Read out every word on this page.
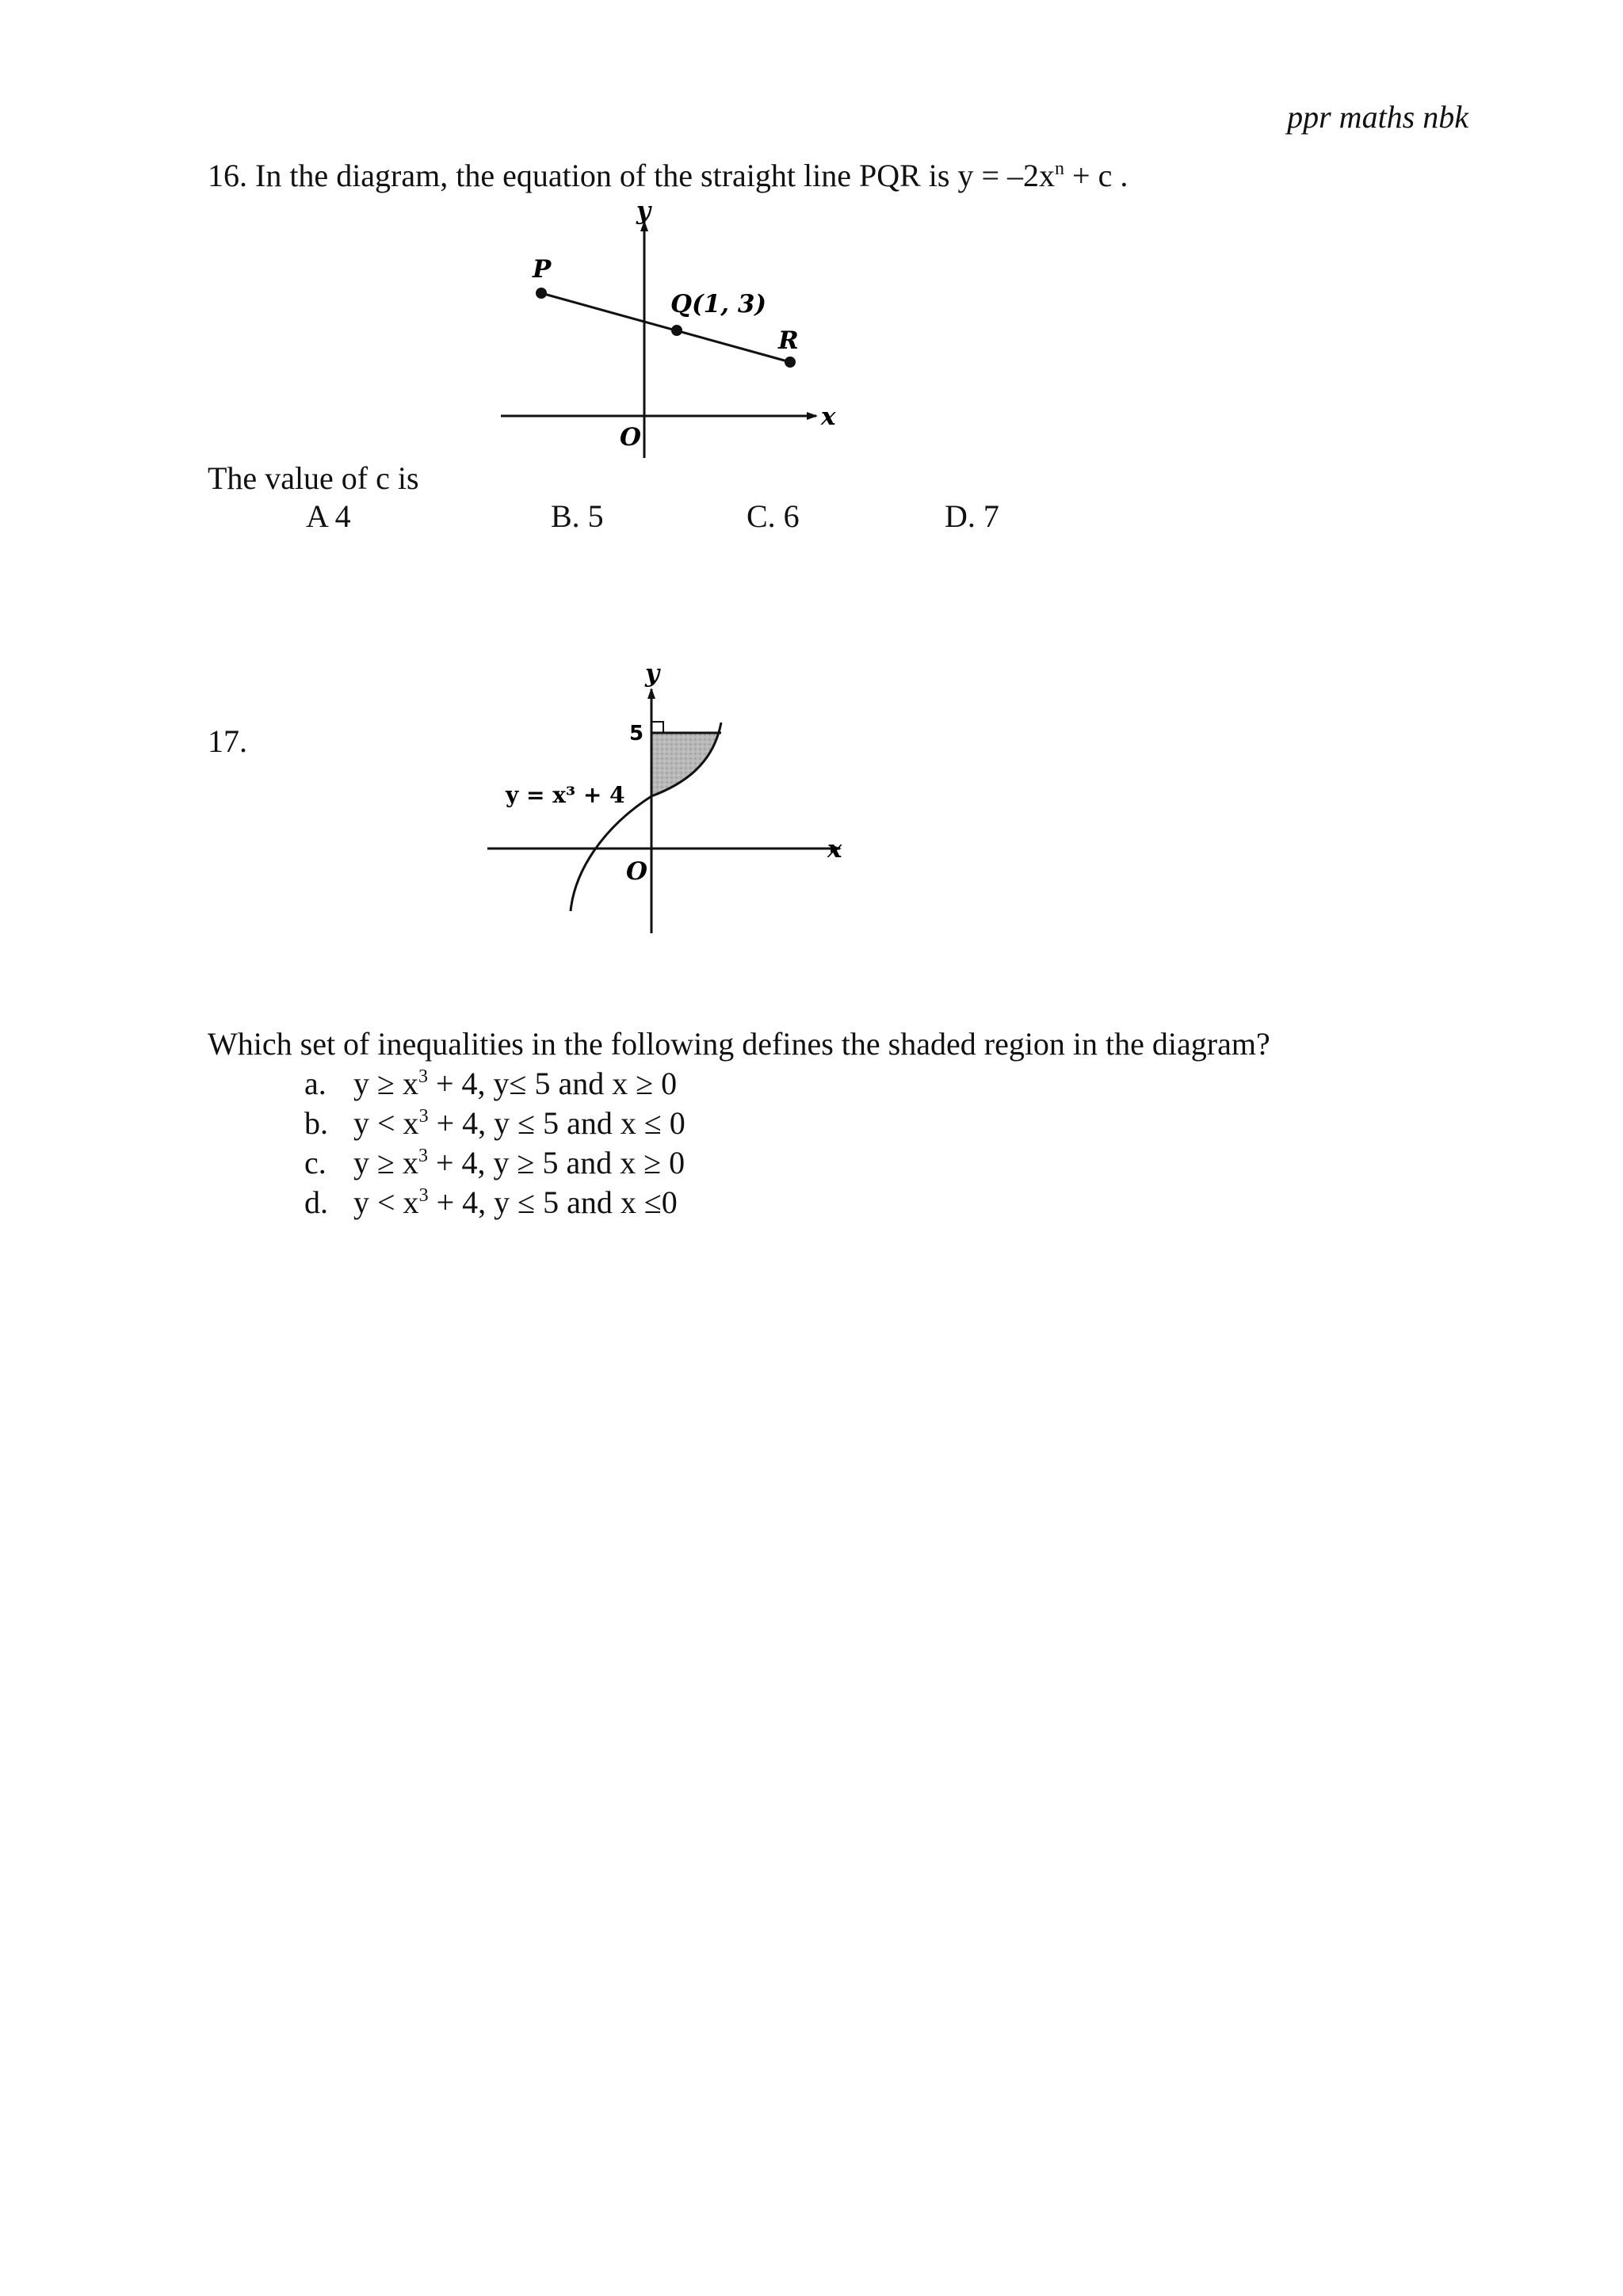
ppr maths nbk
16. In the diagram, the equation of the straight line PQR is $y = -2x^n + c$ .
y
x
O
P
Q(1, 3)
R
The value of c is
A 4	B. 5	C. 6	D. 7
17.
y
x
O
5
y = x³ + 4
Which set of inequalities in the following defines the shaded region in the diagram?
a. $y \ge x^3 + 4$, y≤ 5 and x ≥ 0
b. $y < x^3 + 4$, y ≤ 5 and x ≤ 0
c. $y \ge x^3 + 4$, y ≥ 5 and x ≥ 0
d. $y < x^3 + 4$, y ≤ 5 and x ≤0
